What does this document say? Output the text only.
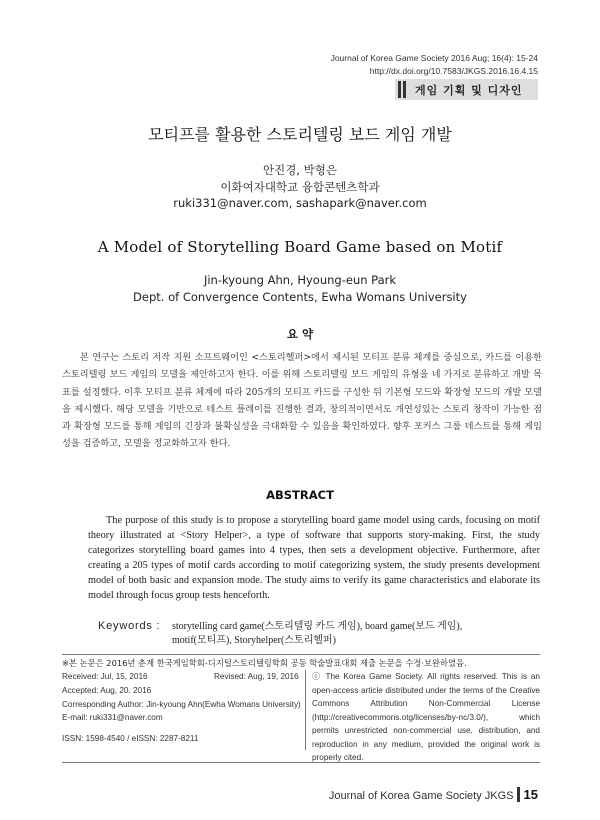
Journal of Korea Game Society 2016 Aug; 16(4): 15-24
http://dx.doi.org/10.7583/JKGS.2016.16.4.15
게임 기획 및 디자인
모티프를 활용한 스토리텔링 보드 게임 개발
안진경, 박형은
이화여자대학교 융합콘텐츠학과
ruki331@naver.com, sashapark@naver.com
A Model of Storytelling Board Game based on Motif
Jin-kyoung Ahn, Hyoung-eun Park
Dept. of Convergence Contents, Ewha Womans University
요 약
본 연구는 스토리 저작 지원 소프트웨어인 <스토리헬퍼>에서 제시된 모티프 분류 체계를 중심으로, 카드를 이용한 스토리텔링 보드 게임의 모델을 제안하고자 한다. 이를 위해 스토리텔링 보드 게임의 유형을 네 가지로 분류하고 개발 목표를 설정했다. 이후 모티프 분류 체계에 따라 205개의 모티프 카드를 구성한 뒤 기본형 모드와 확장형 모드의 개발 모델을 제시했다. 해당 모델을 기반으로 테스트 플레이를 진행한 결과, 창의적이면서도 개연성있는 스토리 창작이 가능한 점과 확장형 모드를 통해 게임의 긴장과 불확실성을 극대화할 수 있음을 확인하였다. 향후 포커스 그룹 테스트를 통해 게임성을 검증하고, 모델을 정교화하고자 한다.
ABSTRACT
The purpose of this study is to propose a storytelling board game model using cards, focusing on motif theory illustrated at <Story Helper>, a type of software that supports story-making. First, the study categorizes storytelling board games into 4 types, then sets a development objective. Furthermore, after creating a 205 types of motif cards according to motif categorizing system, the study presents development model of both basic and expansion mode. The study aims to verify its game characteristics and elaborate its model through focus group tests henceforth.
Keywords : storytelling card game(스토리텔링 카드 게임), board game(보드 게임),
motif(모티프), Storyhelper(스토리헬퍼)
※본 논문은 2016년 춘계 한국게임학회-디지털스토리텔링학회 공동 학술발표대회 제출 논문을 수정·보완하였음.
Received: Jul, 15, 2016	Revised: Aug, 19, 2016
Accepted: Aug, 20. 2016
Corresponding Author: Jin-kyoung Ahn(Ewha Womans University)
E-mail: ruki331@naver.com
ISSN: 1598-4540 / eISSN: 2287-8211
ⓒ The Korea Game Society. All rights reserved. This is an open-access article distributed under the terms of the Creative Commons Attribution Non-Commercial License (http://creativecommons.otg/licenses/by-nc/3.0/), which permits unrestricted non-commercial use, distribution, and reproduction in any medium, provided the original work is properly cited.
Journal of Korea Game Society JKGS 15
